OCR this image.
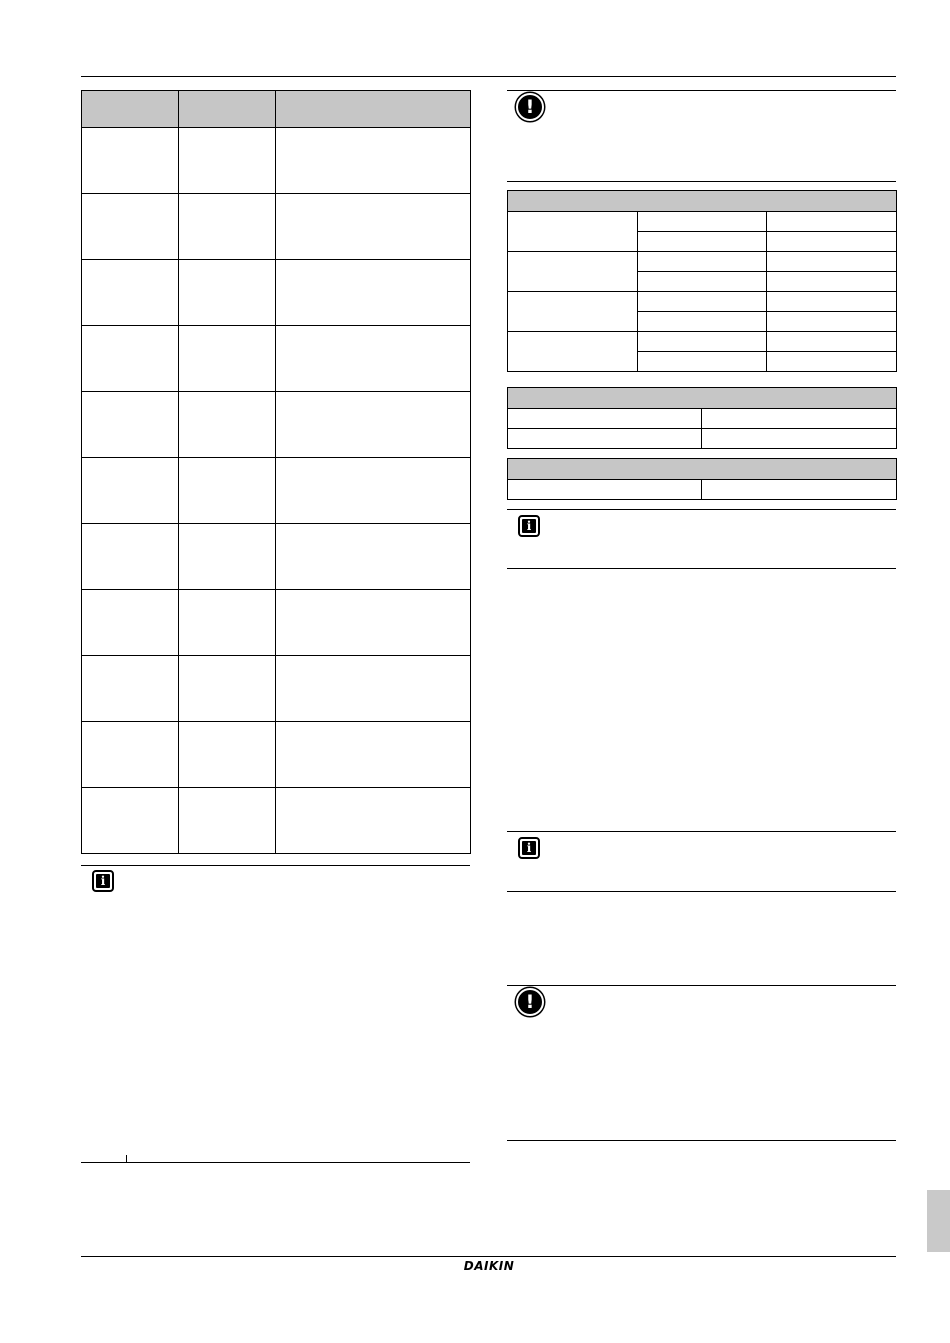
i
!

i
i
!
DAIKIN
